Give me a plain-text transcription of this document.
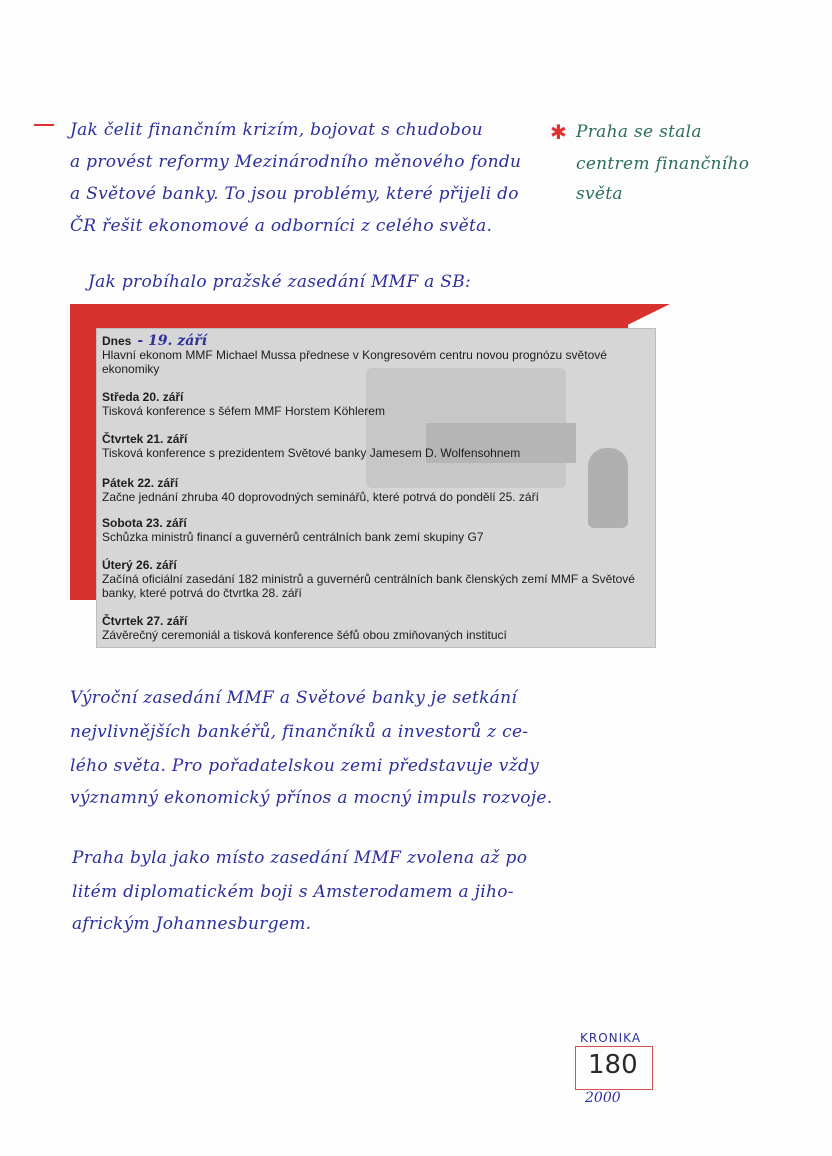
Jak čelit finančním krizím, bojovat s chudobou
a provést reformy Mezinárodního měnového fondu
a Světové banky. To jsou problémy, které přijeli do
ČR řešit ekonomové a odborníci z celého světa.
✱ Praha se stala
centrem finančního
světa
Jak probíhalo pražské zasedání MMF a SB:
Dnes - 19. září
Hlavní ekonom MMF Michael Mussa přednese v Kongresovém centru novou prognózu světové ekonomiky
Středa 20. září
Tisková konference s šéfem MMF Horstem Köhlerem
Čtvrtek 21. září
Tisková konference s prezidentem Světové banky Jamesem D. Wolfensohnem
Pátek 22. září
Začne jednání zhruba 40 doprovodných seminářů, které potrvá do pondělí 25. září
Sobota 23. září
Schůzka ministrů financí a guvernérů centrálních bank zemí skupiny G7
Úterý 26. září
Začíná oficiální zasedání 182 ministrů a guvernérů centrálních bank členských zemí MMF a Světové banky, které potrvá do čtvrtka 28. září
Čtvrtek 27. září
Závěrečný ceremoniál a tisková konference šéfů obou zmiňovaných institucí
Výroční zasedání MMF a Světové banky je setkání
nejvlivnějších bankéřů, finančníků a investorů z ce-
lého světa. Pro pořadatelskou zemi představuje vždy
významný ekonomický přínos a mocný impuls rozvoje.
Praha byla jako místo zasedání MMF zvolena až po
litém diplomatickém boji s Amsterodamem a jiho-
africkým Johannesburgem.
KRONIKA
180
2000
